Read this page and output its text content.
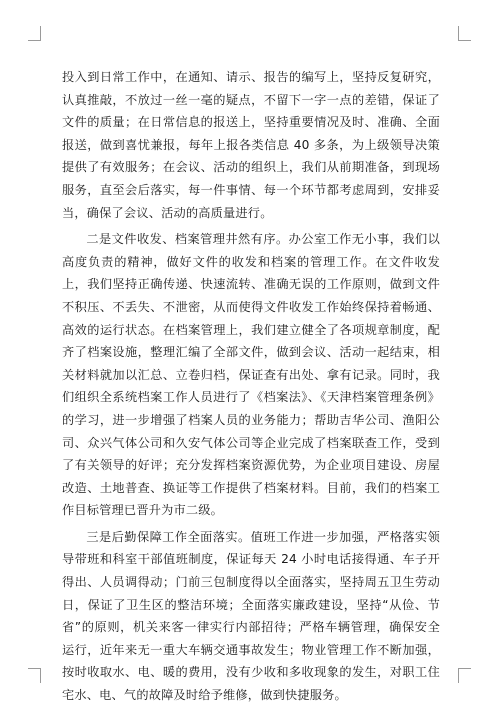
投入到日常工作中，在通知、请示、报告的编写上，坚持反复研究，认真推敲，不放过一丝一毫的疑点，不留下一字一点的差错，保证了文件的质量；在日常信息的报送上，坚持重要情况及时、准确、全面报送，做到喜忧兼报，每年上报各类信息 40 多条，为上级领导决策提供了有效服务；在会议、活动的组织上，我们从前期准备，到现场服务，直至会后落实，每一件事情、每一个环节都考虑周到，安排妥当，确保了会议、活动的高质量进行。

二是文件收发、档案管理井然有序。办公室工作无小事，我们以高度负责的精神，做好文件的收发和档案的管理工作。在文件收发上，我们坚持正确传递、快速流转、准确无误的工作原则，做到文件不积压、不丢失、不泄密，从而使得文件收发工作始终保持着畅通、高效的运行状态。在档案管理上，我们建立健全了各项规章制度，配齐了档案设施，整理汇编了全部文件，做到会议、活动一起结束，相关材料就加以汇总、立卷归档，保证查有出处、拿有记录。同时，我们组织全系统档案工作人员进行了《档案法》、《天津档案管理条例》的学习，进一步增强了档案人员的业务能力；帮助吉华公司、渔阳公司、众兴气体公司和久安气体公司等企业完成了档案联查工作，受到了有关领导的好评；充分发挥档案资源优势，为企业项目建设、房屋改造、土地普查、换证等工作提供了档案材料。目前，我们的档案工作目标管理已晋升为市二级。

三是后勤保障工作全面落实。值班工作进一步加强，严格落实领导带班和科室干部值班制度，保证每天 24 小时电话接得通、车子开得出、人员调得动；门前三包制度得以全面落实，坚持周五卫生劳动日，保证了卫生区的整洁环境；全面落实廉政建设，坚持“从俭、节省”的原则，机关来客一律实行内部招待；严格车辆管理，确保安全运行，近年来无一重大车辆交通事故发生；物业管理工作不断加强，按时收取水、电、暖的费用，没有少收和多收现象的发生，对职工住宅水、电、气的故障及时给予维修，做到快捷服务。
